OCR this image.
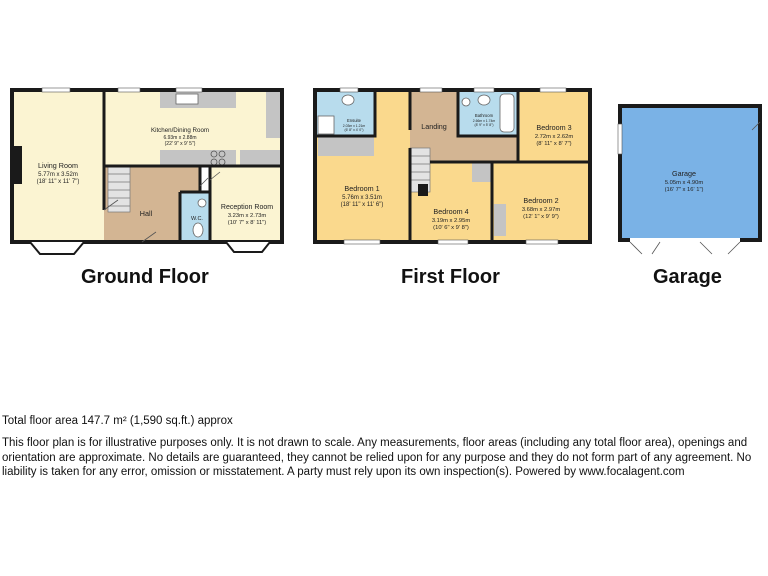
Living Room
5.77m x 3.52m
(18' 11" x 11' 7")
Kitchen/Dining Room
6.93m x 2.88m
(22' 9" x 9' 5")
Hall
W.C.
Reception Room
3.23m x 2.73m
(10' 7" x 8' 11")
Bedroom 1
5.76m x 3.51m
(18' 11" x 11' 6")
Ensuite
2.03m x 1.21m
(6' 8" x 4' 0")	Landing
Bathroom
2.66m x 1.74m
(8' 9" x 5' 8")	Bedroom 3
2.72m x 2.62m
(8' 11" x 8' 7")
Bedroom 4
3.19m x 2.95m
(10' 6" x 9' 8")
Bedroom 2
3.68m x 2.97m
(12' 1" x 9' 9")
Garage
5.05m x 4.90m
(16' 7" x 16' 1")
Ground Floor	First Floor	Garage
Total floor area 147.7 m² (1,590 sq.ft.) approx
This floor plan is for illustrative purposes only. It is not drawn to scale. Any measurements, floor areas (including any total floor area), openings and orientation are approximate. No details are guaranteed, they cannot be relied upon for any purpose and they do not form part of any agreement. No liability is taken for any error, omission or misstatement. A party must rely upon its own inspection(s). Powered by www.focalagent.com
